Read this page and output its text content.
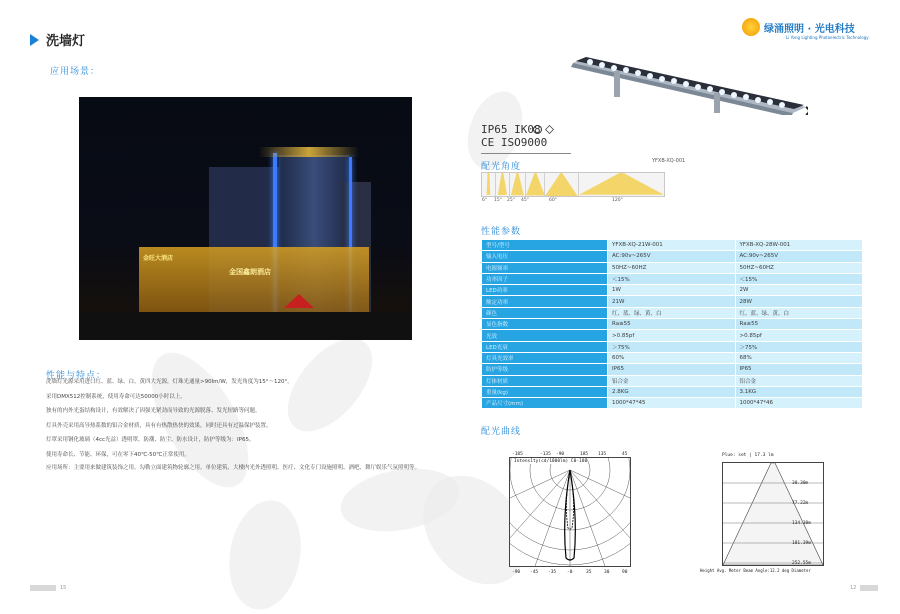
洗墙灯
应用场景：
金国鑫朗酒店
金旺大酒店
性能与特点：

洗墙灯光源采用进口红、蓝、绿、白、黄四大光源，灯珠光通量>90lm/W，发光角度为15°～120°。

采用DMX512控制系统，使用寿命可达50000小时以上。

独有的内外光蛋结构设计，有效解决了因强光紧劲而导致的光源脱落、发光短路等问题。

灯具外壳采用高导热系数的铝合金材质，具有有热散热快的效果，同时还具有过温保护装置。

灯罩采用钢化玻璃（4cc光益）透明罩，防潮、防尘、防水设计，防护等级为：IP65。

使用寿命长、节能、环保，可在零下40℃-50℃正常使用。

应用场所：主要用来做建筑装饰之用。勾勒立面建筑物轮廓之用。单位建筑、大楼内光外透照明、医疗、文化专门设施照明、酒吧、舞厅娱乐气氛照明等。

15
绿涌照明 · 光电科技
Li Yong Lighting Photoelectric Technology
IP65 IK08
CE ISO9000
YFXB-XQ-001
配光角度
6° 15° 25° 45°	60°	120°
性能参数
型号/型号	YFXB-XQ-21W-001	YFXB-XQ-28W-001
输入电压	AC:90v~265V	AC:90v~265V
电源频率	50HZ~60HZ	50HZ~60HZ
功率因子	＜15%	＜15%
LED功率	1W	2W
额定功率	21W	28W
颜色	红、蓝、绿、黄、白	红、蓝、绿、黄、白
显色指数	Ra≥55	Ra≥55
光效	>0.85pf	>0.85pf
LED光衰	＞75%	＞75%
灯具光效率	60%	68%
防护等级	IP65	IP65
灯体材质	铝合金	铝合金
重量(kg)	2.8KG	3.1KG
产品尺寸(mm)	1000*47*45	1000*47*46
配光曲线
Intensity(cd/1000lm) C0-180
-185	-135 -90	185 135	45
-90 -45 -35 -0	35	30	90
Plue: set | 17.3 lm
30.30m
77.22m
134.30m
181.39m
252.55m
Height Avg. Meter Beam Angle:12.2 deg Diameter
12
